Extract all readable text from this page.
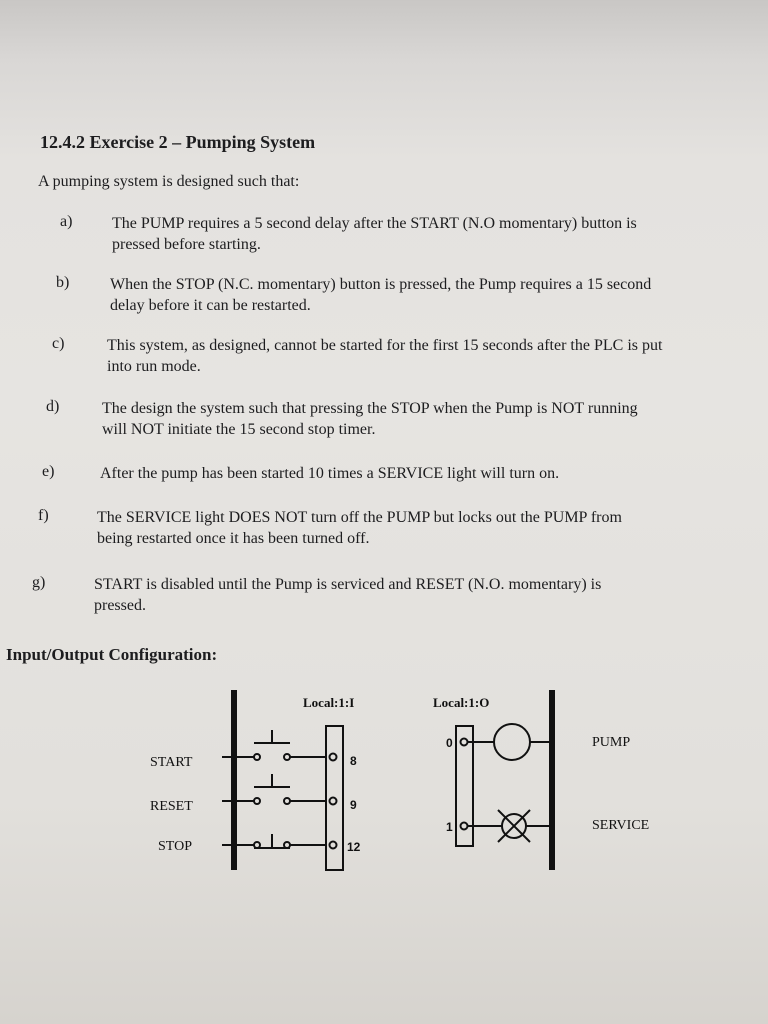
12.4.2 Exercise 2 – Pumping System

A pumping system is designed such that:

a) The PUMP requires a 5 second delay after the START (N.O momentary) button is
pressed before starting.
b)	When the STOP (N.C. momentary) button is pressed, the Pump requires a 15 second
delay before it can be restarted.
c)	This system, as designed, cannot be started for the first 15 seconds after the PLC is put
into run mode.
d)	The design the system such that pressing the STOP when the Pump is NOT running
will NOT initiate the 15 second stop timer.
e)	After the pump has been started 10 times a SERVICE light will turn on.
f)	The SERVICE light DOES NOT turn off the PUMP but locks out the PUMP from
being restarted once it has been turned off.
g)	START is disabled until the Pump is serviced and RESET (N.O. momentary) is
pressed.
Input/Output Configuration:
Local:1:I	Local:1:O
START
RESET
STOP
8
9
12
0
1
PUMP
SERVICE
